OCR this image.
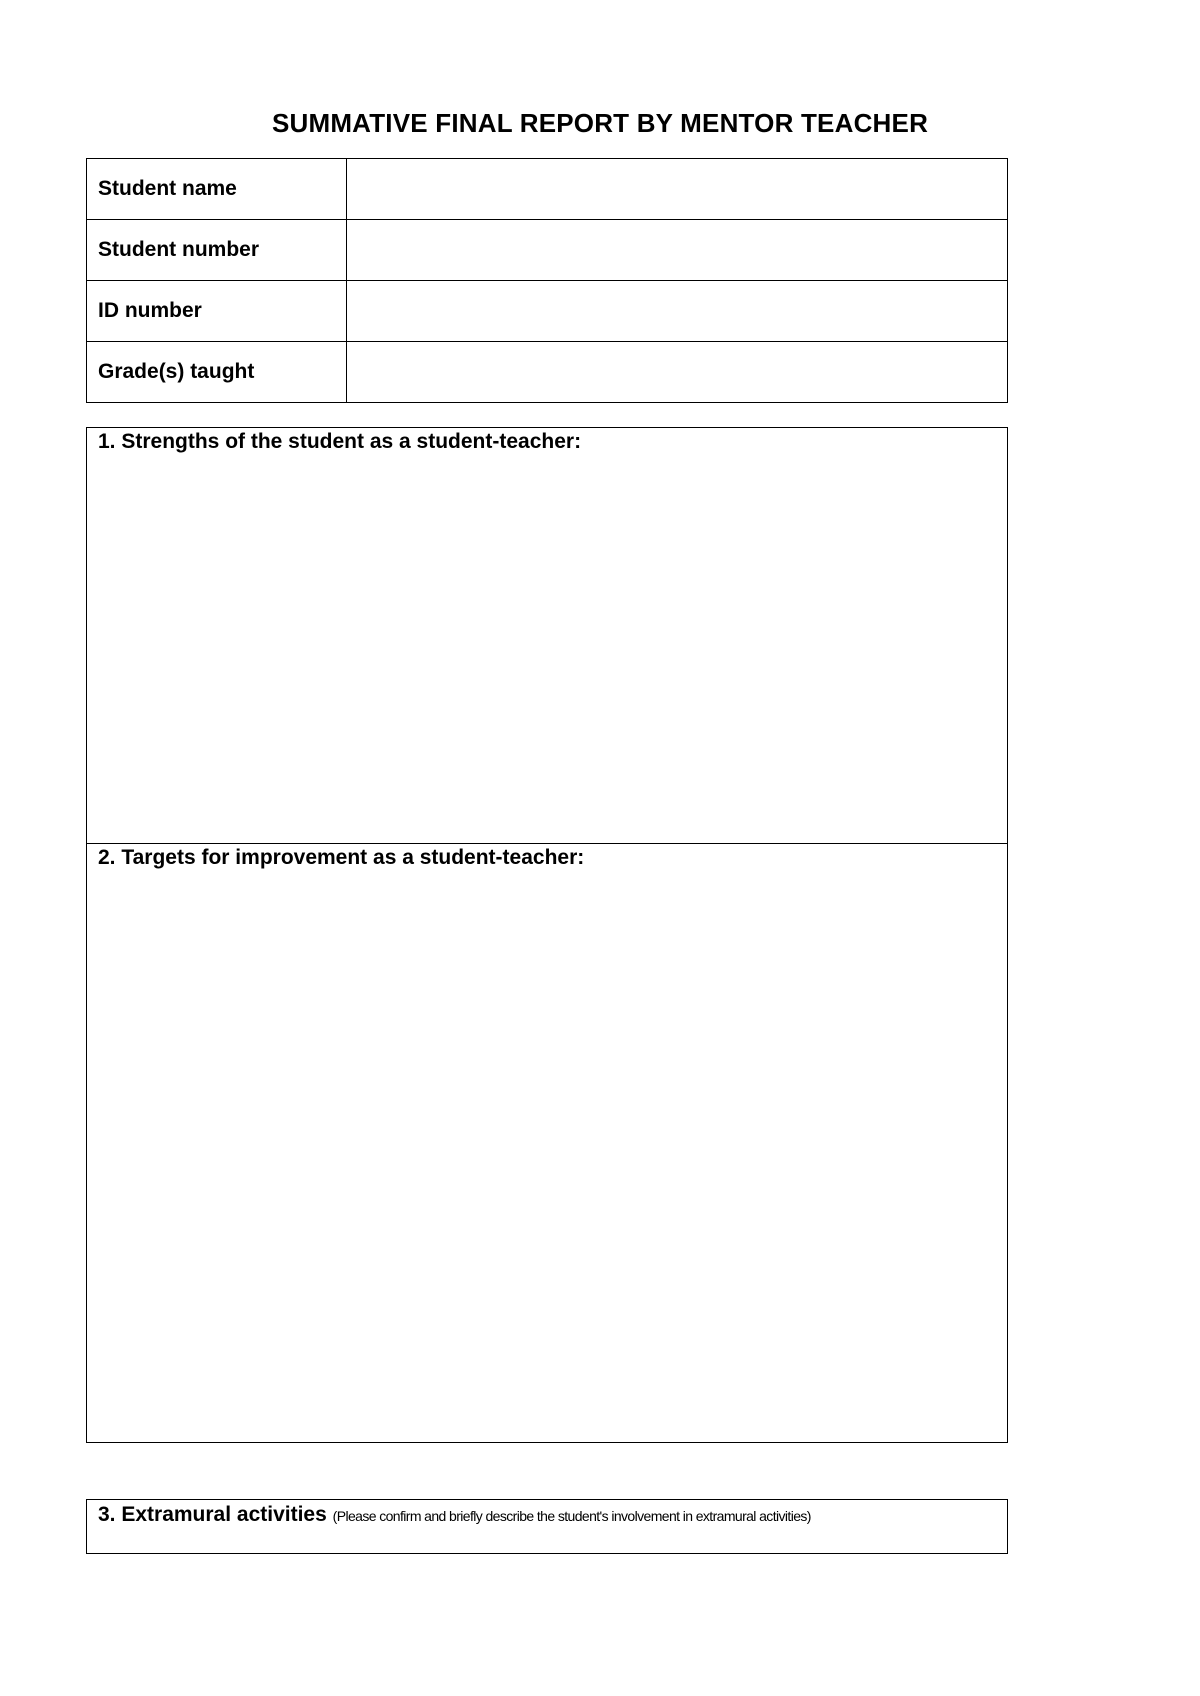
SUMMATIVE FINAL REPORT BY MENTOR TEACHER
Student name	
Student number	
ID number	
Grade(s) taught	
1. Strengths of the student as a student-teacher:
2. Targets for improvement as a student-teacher:
3. Extramural activities (Please confirm and briefly describe the student's involvement in extramural activities)
